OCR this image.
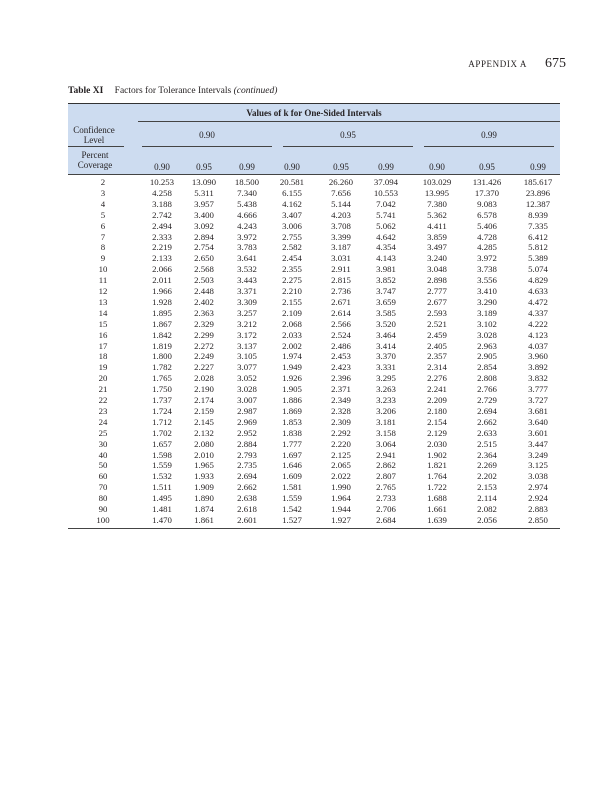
APPENDIX A 675
Table XI Factors for Tolerance Intervals (continued)
Values of k for One-Sided Intervals
Confidence
Level	0.90	0.95	0.99
Percent
Coverage	0.90	0.95	0.99	0.90	0.95	0.99	0.90	0.95	0.99
2	10.253	13.090	18.500	20.581	26.260	37.094	103.029	131.426	185.617
3	4.258	5.311	7.340	6.155	7.656	10.553	13.995	17.370	23.896
4	3.188	3.957	5.438	4.162	5.144	7.042	7.380	9.083	12.387
5	2.742	3.400	4.666	3.407	4.203	5.741	5.362	6.578	8.939
6	2.494	3.092	4.243	3.006	3.708	5.062	4.411	5.406	7.335
7	2.333	2.894	3.972	2.755	3.399	4.642	3.859	4.728	6.412
8	2.219	2.754	3.783	2.582	3.187	4.354	3.497	4.285	5.812
9	2.133	2.650	3.641	2.454	3.031	4.143	3.240	3.972	5.389
10	2.066	2.568	3.532	2.355	2.911	3.981	3.048	3.738	5.074
11	2.011	2.503	3.443	2.275	2.815	3.852	2.898	3.556	4.829
12	1.966	2.448	3.371	2.210	2.736	3.747	2.777	3.410	4.633
13	1.928	2.402	3.309	2.155	2.671	3.659	2.677	3.290	4.472
14	1.895	2.363	3.257	2.109	2.614	3.585	2.593	3.189	4.337
15	1.867	2.329	3.212	2.068	2.566	3.520	2.521	3.102	4.222
16	1.842	2.299	3.172	2.033	2.524	3.464	2.459	3.028	4.123
17	1.819	2.272	3.137	2.002	2.486	3.414	2.405	2.963	4.037
18	1.800	2.249	3.105	1.974	2.453	3.370	2.357	2.905	3.960
19	1.782	2.227	3.077	1.949	2.423	3.331	2.314	2.854	3.892
20	1.765	2.028	3.052	1.926	2.396	3.295	2.276	2.808	3.832
21	1.750	2.190	3.028	1.905	2.371	3.263	2.241	2.766	3.777
22	1.737	2.174	3.007	1.886	2.349	3.233	2.209	2.729	3.727
23	1.724	2.159	2.987	1.869	2.328	3.206	2.180	2.694	3.681
24	1.712	2.145	2.969	1.853	2.309	3.181	2.154	2.662	3.640
25	1.702	2.132	2.952	1.838	2.292	3.158	2.129	2.633	3.601
30	1.657	2.080	2.884	1.777	2.220	3.064	2.030	2.515	3.447
40	1.598	2.010	2.793	1.697	2.125	2.941	1.902	2.364	3.249
50	1.559	1.965	2.735	1.646	2.065	2.862	1.821	2.269	3.125
60	1.532	1.933	2.694	1.609	2.022	2.807	1.764	2.202	3.038
70	1.511	1.909	2.662	1.581	1.990	2.765	1.722	2.153	2.974
80	1.495	1.890	2.638	1.559	1.964	2.733	1.688	2.114	2.924
90	1.481	1.874	2.618	1.542	1.944	2.706	1.661	2.082	2.883
100	1.470	1.861	2.601	1.527	1.927	2.684	1.639	2.056	2.850
